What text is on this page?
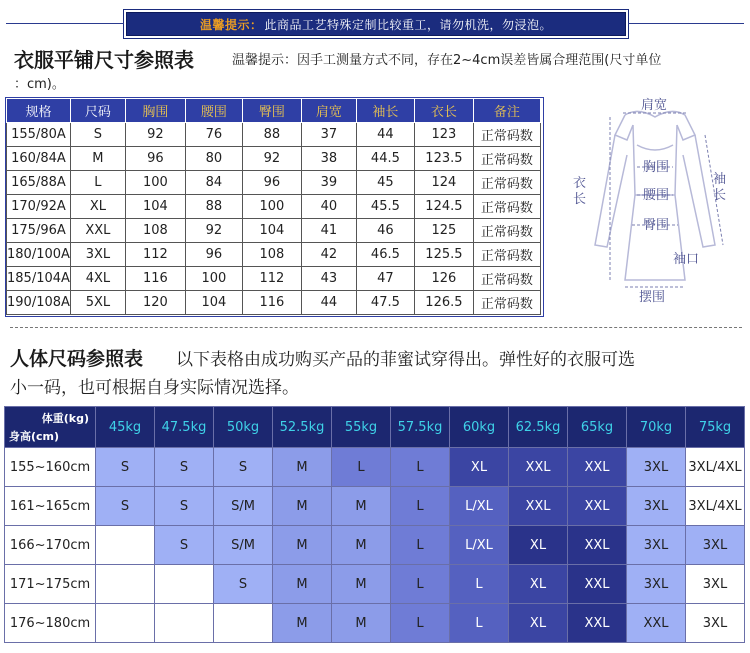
温馨提示： 此商品工艺特殊定制比较重工，请勿机洗，勿浸泡。
衣服平铺尺寸参照表	温馨提示：因手工测量方式不同，存在2~4cm误差皆属合理范围(尺寸单位
：cm)。
规格	尺码	胸围	腰围	臀围	肩宽	袖长	衣长	备注
155/80A	S	92	76	88	37	44	123	正常码数
160/84A	M	96	80	92	38	44.5	123.5	正常码数
165/88A	L	100	84	96	39	45	124	正常码数
170/92A	XL	104	88	100	40	45.5	124.5	正常码数
175/96A	XXL	108	92	104	41	46	125	正常码数
180/100A	3XL	112	96	108	42	46.5	125.5	正常码数
185/104A	4XL	116	100	112	43	47	126	正常码数
190/108A	5XL	120	104	116	44	47.5	126.5	正常码数
肩宽
胸围
腰围
臀围
摆围
袖口
衣
长
袖
长
人体尺码参照表 以下表格由成功购买产品的菲蜜试穿得出。弹性好的衣服可选
小一码，也可根据自身实际情况选择。
体重(kg)
身高(cm)	45kg	47.5kg	50kg	52.5kg	55kg	57.5kg	60kg	62.5kg	65kg	70kg	75kg
155~160cm	S	S	S	M	L	L	XL	XXL	XXL	3XL	3XL/4XL
161~165cm	S	S	S/M	M	M	L	L/XL	XXL	XXL	3XL	3XL/4XL
166~170cm		S	S/M	M	M	L	L/XL	XL	XXL	3XL	3XL
171~175cm			S	M	M	L	L	XL	XXL	3XL	3XL
176~180cm				M	M	L	L	XL	XXL	XXL	3XL
